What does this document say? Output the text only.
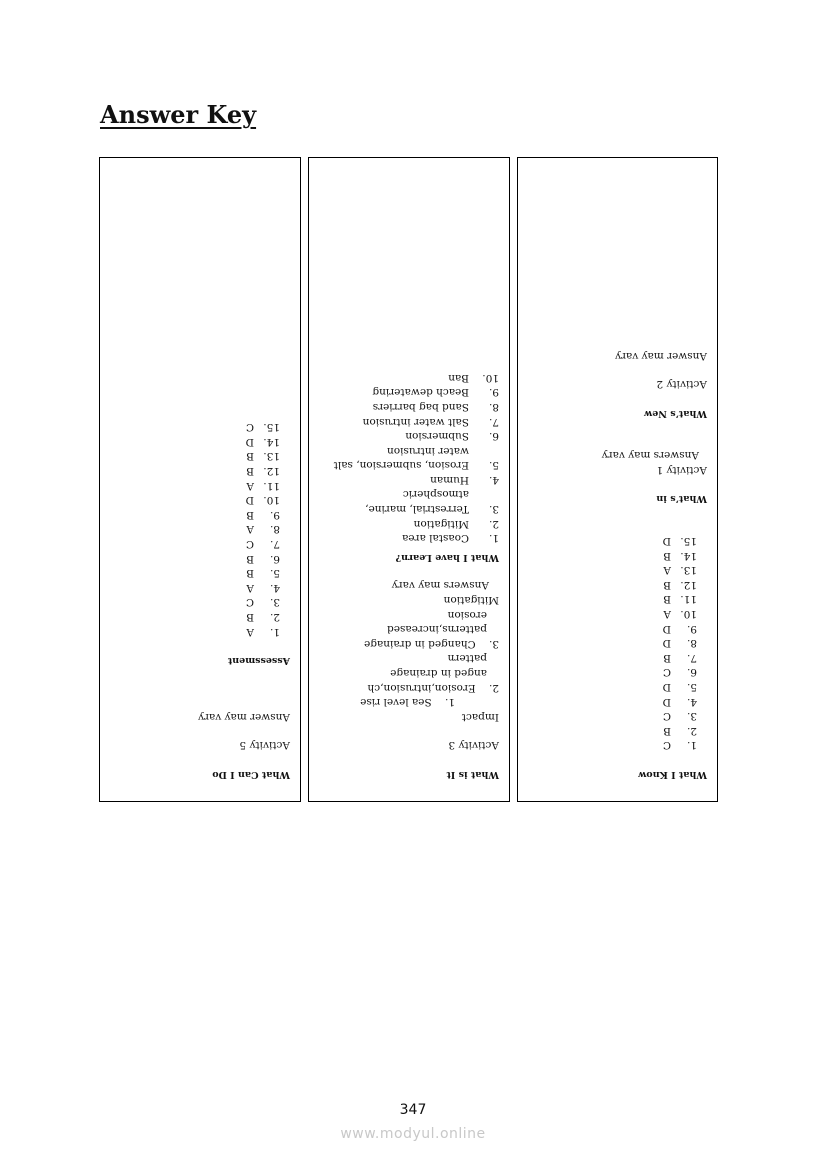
Answer Key
What Can I Do
Activity 5
Answer may vary
Assessment
1.
A
2.
B
3.
C
4.
A
5.
B
6.
B
7.
C
8.
A
9.
B
10.
D
11.
A
12.
B
13.
B
14.
D
15.
C
What is It
Activity 3
Impact
1.    Sea level rise
2.    Erosion,intrusion,ch
anged in drainage
pattern
3.    Changed in drainage
patterns,increased
erosion
Mitigation
Answers may vary
What I have Learn?
1.
Coastal area
2.
Mitigation
3.
Terrestrial, marine,
atmospheric
4.
Human
5.
Erosion, submersion, salt
water intrusion
6.
Submersion
7.
Salt water intrusion
8.
Sand bag barriers
9.
Beach dewatering
10.
Ban
What I Know
1.
C
2.
B
3.
C
4.
D
5.
D
6.
C
7.
B
8.
D
9.
D
10.
A
11.
B
12.
B
13.
A
14.
B
15.
D
What’s in
Activity 1
Answers may vary
What’s New
Activity 2
Answer may vary
347
www.modyul.online
